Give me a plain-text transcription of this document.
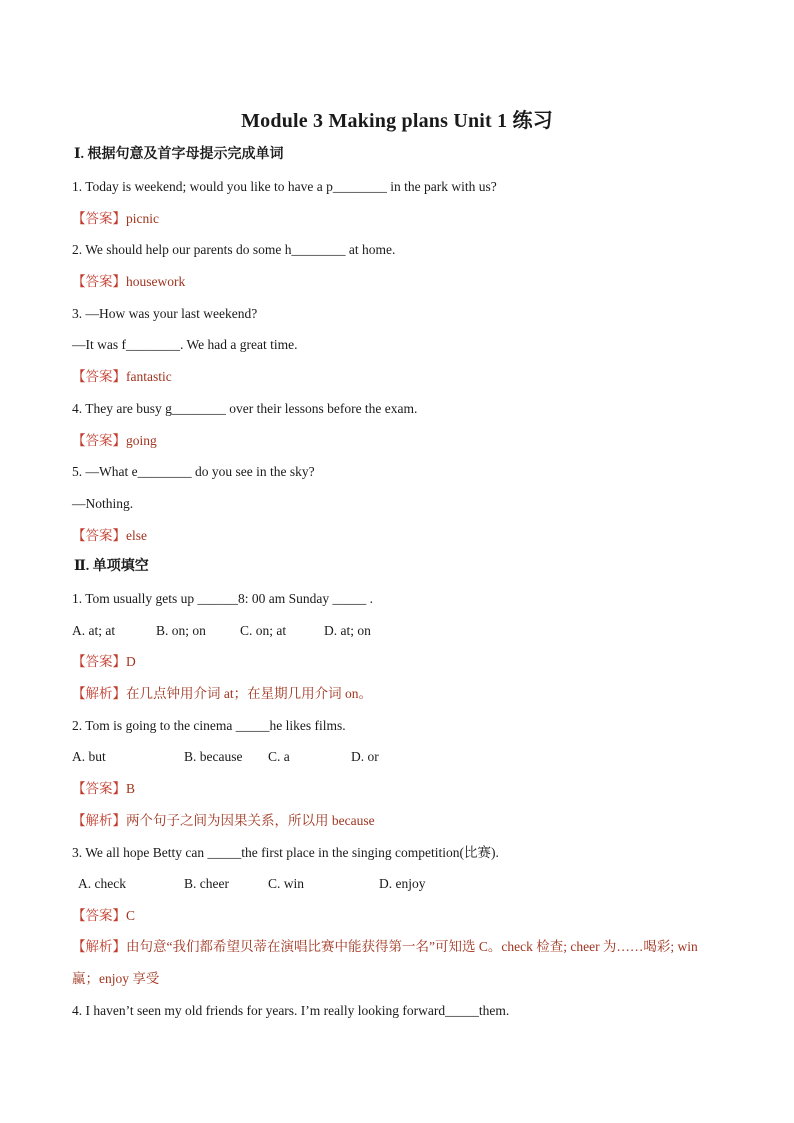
Module 3 Making plans Unit 1 练习
Ⅰ. 根据句意及首字母提示完成单词
1. Today is weekend; would you like to have a p________ in the park with us?
【答案】picnic
2. We should help our parents do some h________ at home.
【答案】housework
3. —How was your last weekend?
—It was f________. We had a great time.
【答案】fantastic
4. They are busy g________ over their lessons before the exam.
【答案】going
5. —What e________ do you see in the sky?
—Nothing.
【答案】else
Ⅱ. 单项填空
1. Tom usually gets up ______8: 00 am Sunday _____ .
A. at; at	B. on; on	C. on; at	D. at; on
【答案】D
【解析】在几点钟用介词 at；在星期几用介词 on。
2. Tom is going to the cinema _____he likes films.
A. but	B. because C. a	D. or
【答案】B
【解析】两个句子之间为因果关系，所以用 because
3. We all hope Betty can _____the first place in the singing competition(比赛).
A. check	B. cheer	C. win	D. enjoy
【答案】C
【解析】由句意“我们都希望贝蒂在演唱比赛中能获得第一名”可知选 C。check 检查; cheer 为……喝彩; win 赢；enjoy 享受
4. I haven’t seen my old friends for years. I’m really looking forward_____them.
